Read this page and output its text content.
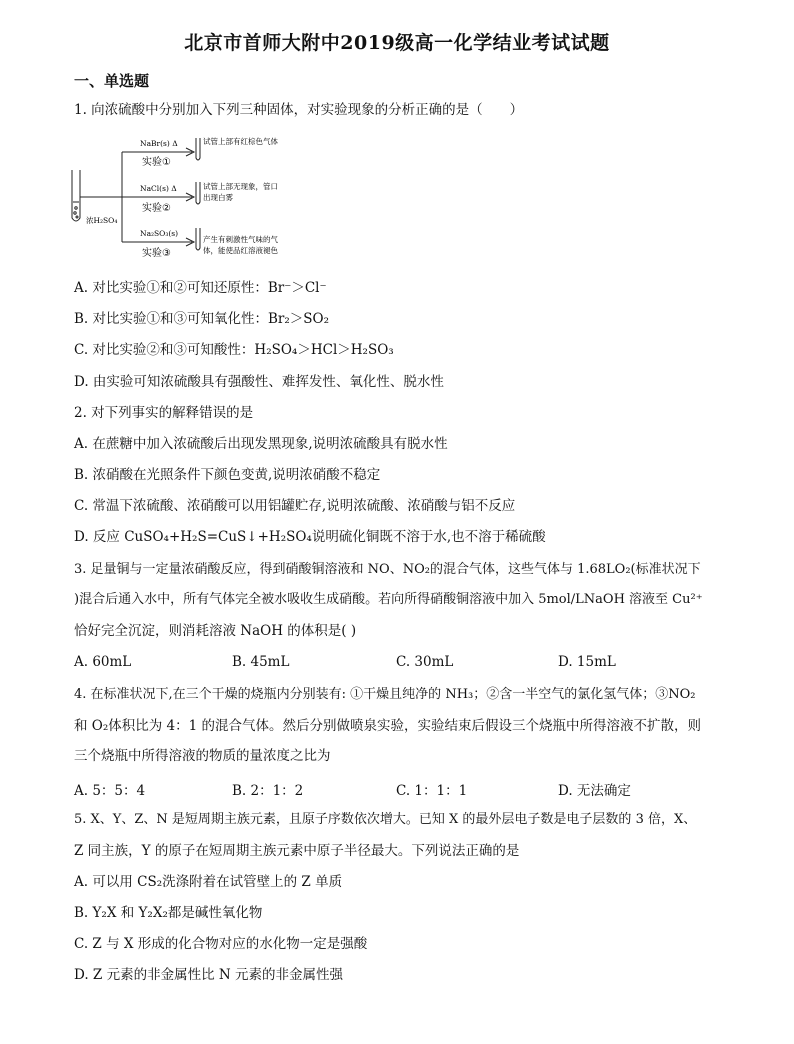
北京市首师大附中2019级高一化学结业考试试题
一、单选题
1. 向浓硫酸中分别加入下列三种固体，对实验现象的分析正确的是（　　）
浓H₂SO₄
NaBr(s) Δ
实验①
试管上部有红棕色气体
NaCl(s) Δ
实验②
试管上部无现象，管口
出现白雾
Na₂SO₃(s)
实验③
产生有刺激性气味的气
体，能使品红溶液褪色
A. 对比实验①和②可知还原性：Br⁻＞Cl⁻
B. 对比实验①和③可知氧化性：Br₂＞SO₂
C. 对比实验②和③可知酸性：H₂SO₄＞HCl＞H₂SO₃
D. 由实验可知浓硫酸具有强酸性、难挥发性、氧化性、脱水性
2. 对下列事实的解释错误的是
A. 在蔗糖中加入浓硫酸后出现发黑现象,说明浓硫酸具有脱水性
B. 浓硝酸在光照条件下颜色变黄,说明浓硝酸不稳定
C. 常温下浓硫酸、浓硝酸可以用铝罐贮存,说明浓硫酸、浓硝酸与铝不反应
D. 反应 CuSO₄+H₂S=CuS↓+H₂SO₄说明硫化铜既不溶于水,也不溶于稀硫酸
3. 足量铜与一定量浓硝酸反应，得到硝酸铜溶液和 NO、NO₂的混合气体，这些气体与 1.68LO₂(标准状况下
)混合后通入水中，所有气体完全被水吸收生成硝酸。若向所得硝酸铜溶液中加入 5mol/LNaOH 溶液至 Cu²⁺
恰好完全沉淀，则消耗溶液 NaOH 的体积是( )
A. 60mL	B. 45mL	C. 30mL	D. 15mL
4. 在标准状况下,在三个干燥的烧瓶内分别装有: ①干燥且纯净的 NH₃；②含一半空气的氯化氢气体；③NO₂
和 O₂体积比为 4：1 的混合气体。然后分别做喷泉实验，实验结束后假设三个烧瓶中所得溶液不扩散，则
三个烧瓶中所得溶液的物质的量浓度之比为
A. 5：5：4	B. 2：1：2	C. 1：1：1	D. 无法确定
5. X、Y、Z、N 是短周期主族元素，且原子序数依次增大。已知 X 的最外层电子数是电子层数的 3 倍，X、
Z 同主族，Y 的原子在短周期主族元素中原子半径最大。下列说法正确的是
A. 可以用 CS₂洗涤附着在试管壁上的 Z 单质
B. Y₂X 和 Y₂X₂都是碱性氧化物
C. Z 与 X 形成的化合物对应的水化物一定是强酸
D. Z 元素的非金属性比 N 元素的非金属性强
